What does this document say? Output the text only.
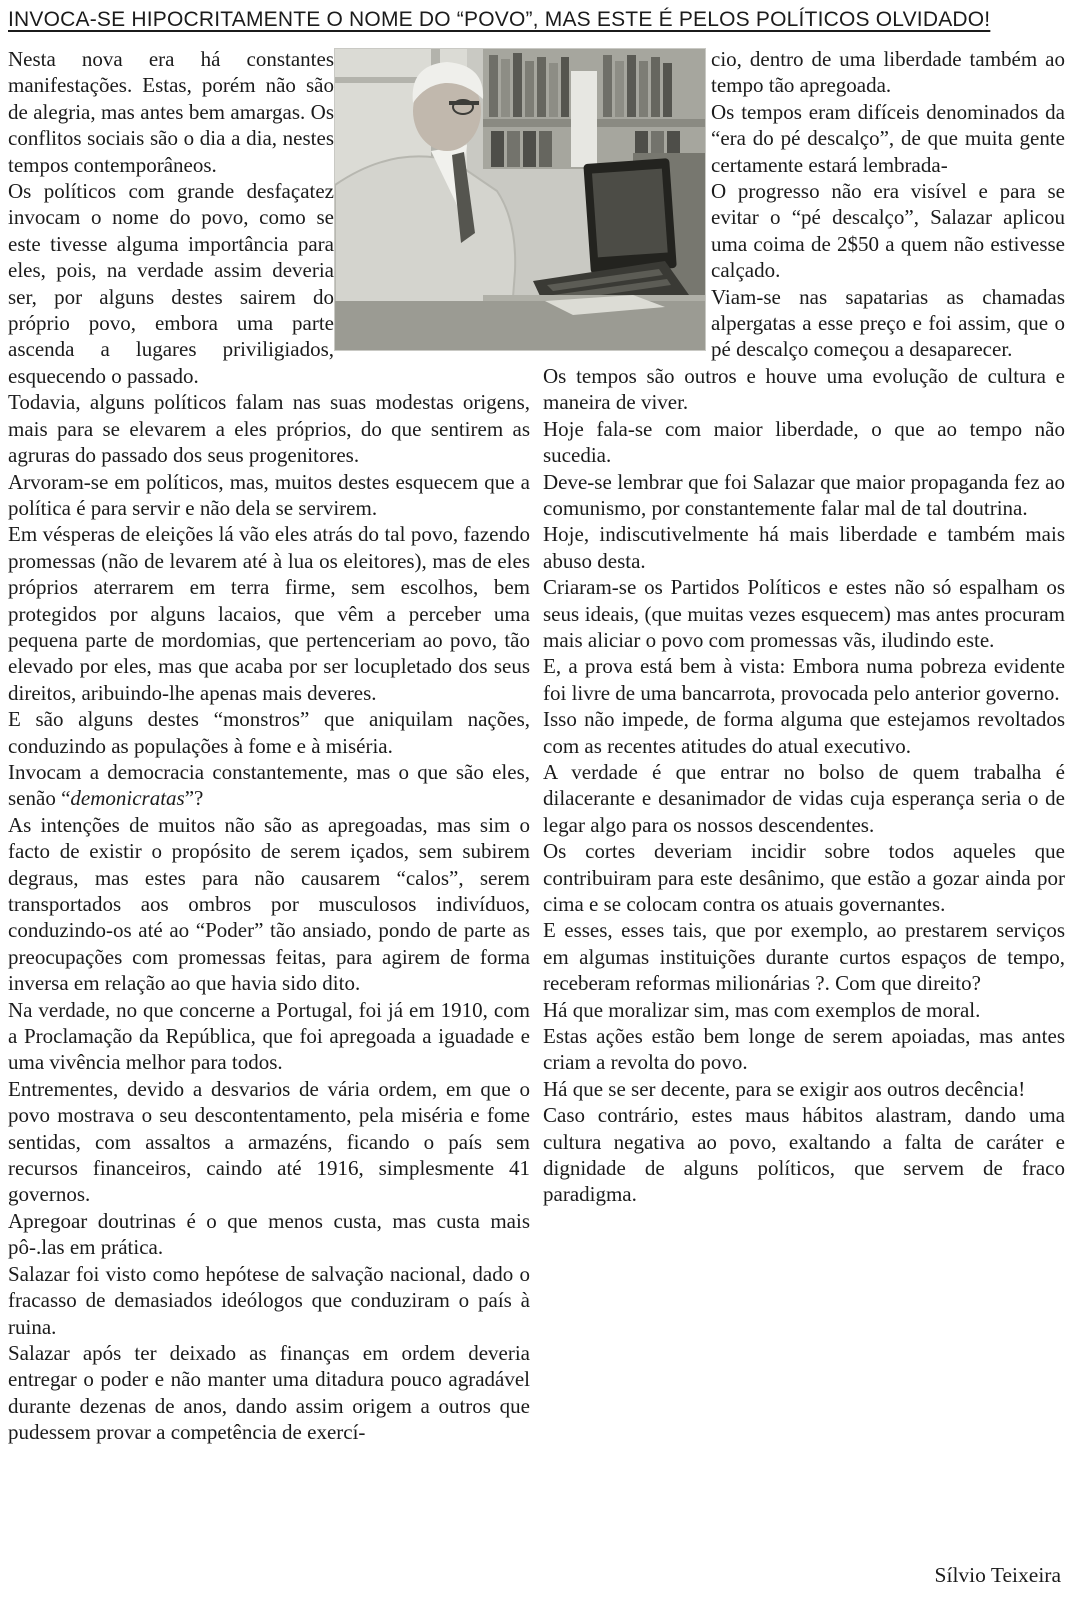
INVOCA-SE HIPOCRITAMENTE O NOME DO “POVO”, MAS ESTE É PELOS POLÍTICOS OLVIDADO!

Nesta nova era há constantes manifestações. Estas, porém não são de alegria, mas antes bem amargas. Os conflitos sociais são o dia a dia, nestes tempos contemporâneos.

Os políticos com grande desfaçatez invocam o nome do povo, como se este tivesse alguma importância para eles, pois, na verdade assim deveria ser, por alguns destes sairem do próprio povo, embora uma parte ascenda a lugares priviligiados, esquecendo o passado.

Todavia, alguns políticos falam nas suas modestas origens, mais para se elevarem a eles próprios, do que sentirem as agruras do passado dos seus progenitores.

Arvoram-se em políticos, mas, muitos destes esquecem que a política é para servir e não dela se servirem.

Em vésperas de eleições lá vão eles atrás do tal povo, fazendo promessas (não de levarem até à lua os eleitores), mas de eles próprios aterrarem em terra firme, sem escolhos, bem protegidos por alguns lacaios, que vêm a perceber uma pequena parte de mordomias, que pertenceriam ao povo, tão elevado por eles, mas que acaba por ser locupletado dos seus direitos, aribuindo-lhe apenas mais deveres.

E são alguns destes “monstros” que aniquilam nações, conduzindo as populações à fome e à miséria.

Invocam a democracia constantemente, mas o que são eles, senão “demonicratas”?

As intenções de muitos não são as apregoadas, mas sim o facto de existir o propósito de serem içados, sem subirem degraus, mas estes para não causarem “calos”, serem transportados aos ombros por musculosos indivíduos, conduzindo-os até ao “Poder” tão ansiado, pondo de parte as preocupações com promessas feitas, para agirem de forma inversa em relação ao que havia sido dito.

Na verdade, no que concerne a Portugal, foi já em 1910, com a Proclamação da República, que foi apregoada a iguadade e uma vivência melhor para todos.

Entrementes, devido a desvarios de vária ordem, em que o povo mostrava o seu descontentamento, pela miséria e fome sentidas, com assaltos a armazéns, ficando o país sem recursos financeiros, caindo até 1916, simplesmente 41 governos.

Apregoar doutrinas é o que menos custa, mas custa mais pô-.las em prática.

Salazar foi visto como hepótese de salvação nacional, dado o fracasso de demasiados ideólogos que conduziram o país à ruina.

Salazar após ter deixado as finanças em ordem deveria entregar o poder e não manter uma ditadura pouco agradável durante dezenas de anos, dando assim origem a outros que pudessem provar a competência de exercí-

cio, dentro de uma liberdade também ao tempo tão apregoada.

Os tempos eram difíceis denominados da “era do pé descalço”, de que muita gente certamente estará lembrada-

O progresso não era visível e para se evitar o “pé descalço”, Salazar aplicou uma coima de 2$50 a quem não estivesse calçado.

Viam-se nas sapatarias as chamadas alpergatas a esse preço e foi assim, que o pé descalço começou a desaparecer.

Os tempos são outros e houve uma evolução de cultura e maneira de viver.

Hoje fala-se com maior liberdade, o que ao tempo não sucedia.

Deve-se lembrar que foi Salazar que maior propaganda fez ao comunismo, por constantemente falar mal de tal doutrina.

Hoje, indiscutivelmente há mais liberdade e também mais abuso desta.

Criaram-se os Partidos Políticos e estes não só espalham os seus ideais, (que muitas vezes esquecem) mas antes procuram mais aliciar o povo com promessas vãs, iludindo este.

E, a prova está bem à vista: Embora numa pobreza evidente foi livre de uma bancarrota, provocada pelo anterior governo.

Isso não impede, de forma alguma que estejamos revoltados com as recentes atitudes do atual executivo.

A verdade é que entrar no bolso de quem trabalha é dilacerante e desanimador de vidas cuja esperança seria o de legar algo para os nossos descendentes.

Os cortes deveriam incidir sobre todos aqueles que contribuiram para este desânimo, que estão a gozar ainda por cima e se colocam contra os atuais governantes.

E esses, esses tais, que por exemplo, ao prestarem serviços em algumas instituições durante curtos espaços de tempo, receberam reformas milionárias ?. Com que direito?

Há que moralizar sim, mas com exemplos de moral.

Estas ações estão bem longe de serem apoiadas, mas antes criam a revolta do povo.

Há que se ser decente, para se exigir aos outros decência!

Caso contrário, estes maus hábitos alastram, dando uma cultura negativa ao povo, exaltando a falta de caráter e dignidade de alguns políticos, que servem de fraco paradigma.

Sílvio Teixeira
